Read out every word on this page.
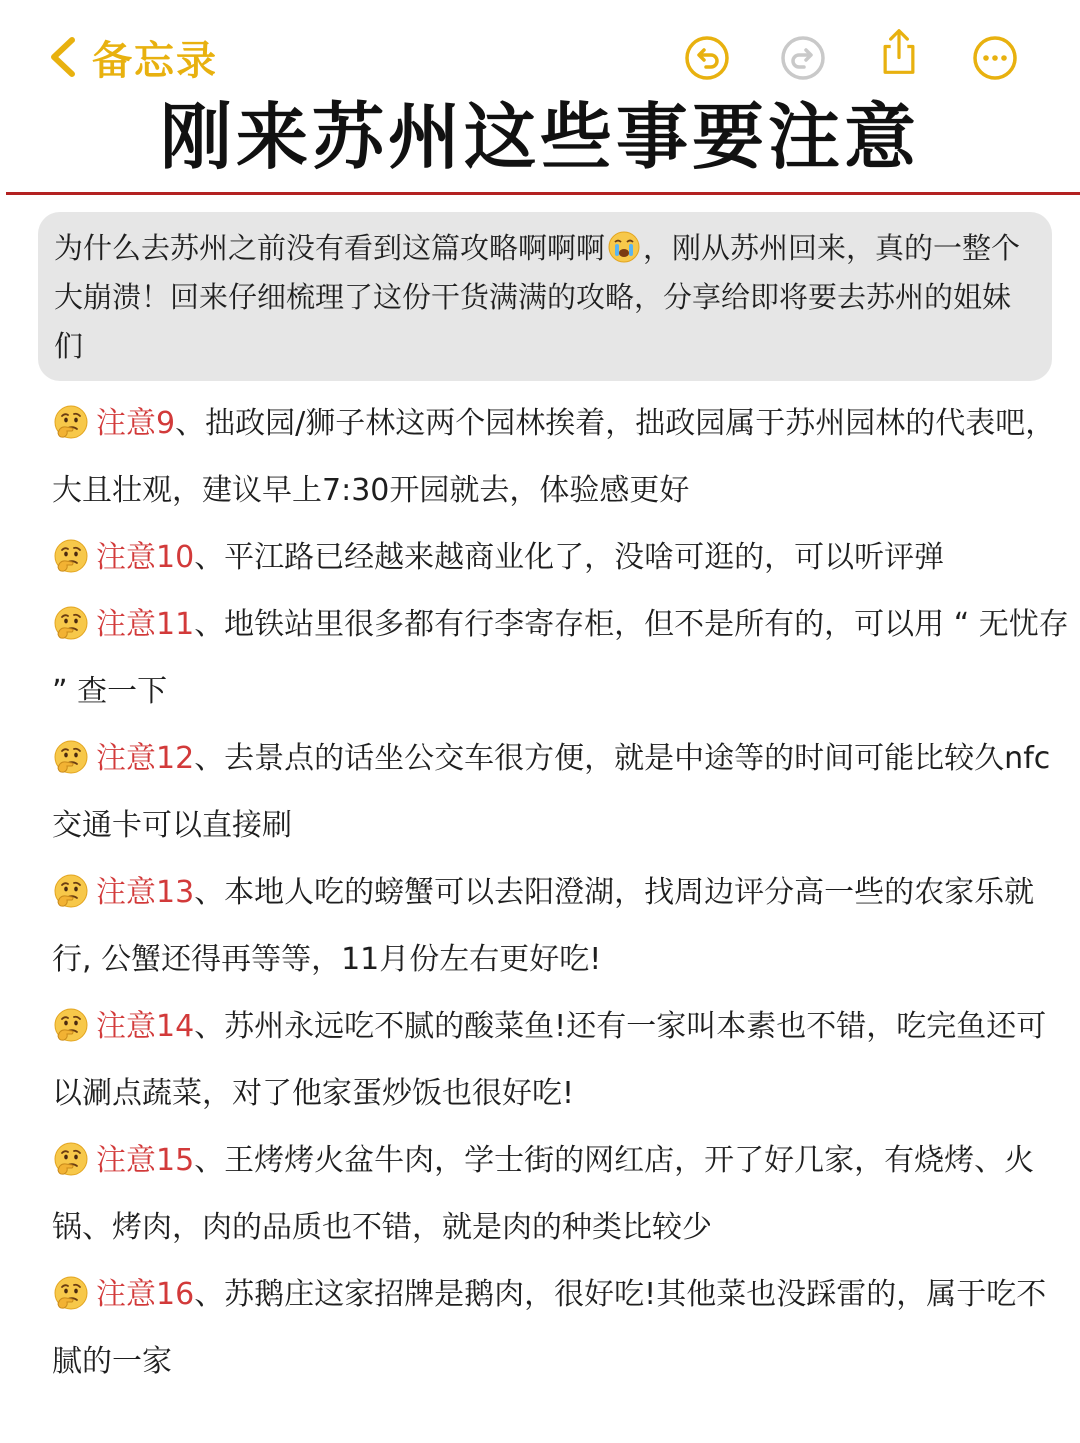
备忘录
刚来苏州这些事要注意
为什么去苏州之前没有看到这篇攻略啊啊啊 ，刚从苏州回来，真的一整个大崩溃！回来仔细梳理了这份干货满满的攻略，分享给即将要去苏州的姐妹们
注意9、拙政园/狮子林这两个园林挨着，拙政园属于苏州园林的代表吧，大且壮观，建议早上7:30开园就去，体验感更好
注意10、平江路已经越来越商业化了，没啥可逛的，可以听评弹
注意11、地铁站里很多都有行李寄存柜，但不是所有的，可以用 “ 无忧存 ” 查一下
注意12、去景点的话坐公交车很方便，就是中途等的时间可能比较久nfc交通卡可以直接刷
注意13、本地人吃的螃蟹可以去阳澄湖，找周边评分高一些的农家乐就行, 公蟹还得再等等，11月份左右更好吃!
注意14、苏州永远吃不腻的酸菜鱼!还有一家叫本素也不错，吃完鱼还可以涮点蔬菜，对了他家蛋炒饭也很好吃!
注意15、王烤烤火盆牛肉，学士街的网红店，开了好几家，有烧烤、火锅、烤肉，肉的品质也不错，就是肉的种类比较少
注意16、苏鹅庄这家招牌是鹅肉，很好吃!其他菜也没踩雷的，属于吃不腻的一家
